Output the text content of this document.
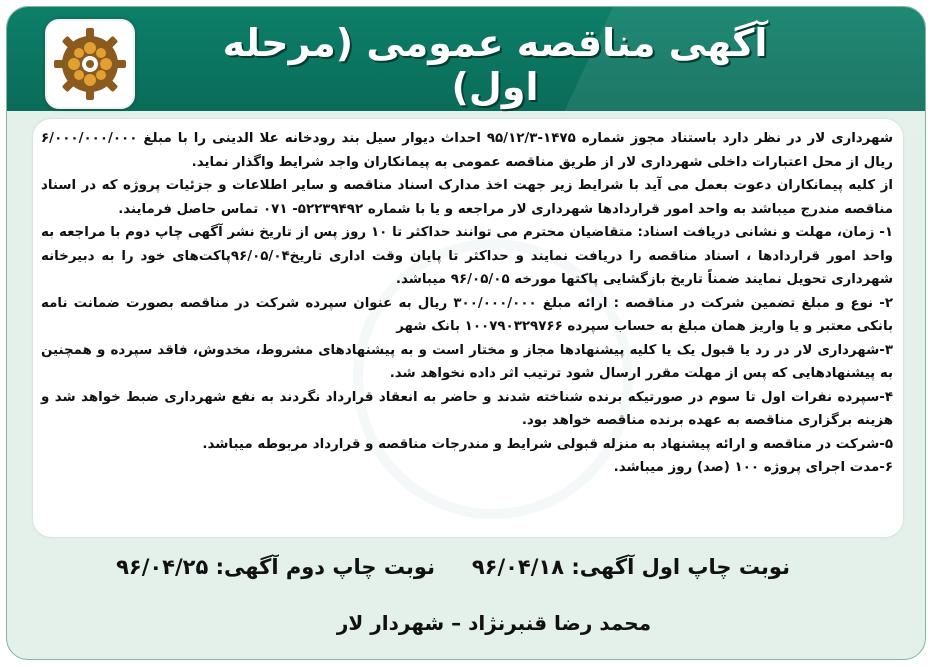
آگهی مناقصه عمومی (مرحله اول)

شهرداری لار در نظر دارد باستناد مجوز شماره ۱۴۷۵-۹۵/۱۲/۳ احداث دیوار سیل بند رودخانه علا الدینی را با مبلغ ۶/۰۰۰/۰۰۰/۰۰۰ ریال از محل اعتبارات داخلی شهرداری لار از طریق مناقصه عمومی به پیمانکاران واجد شرایط واگذار نماید.

از کلیه پیمانکاران دعوت بعمل می آید با شرایط زیر جهت اخذ مدارک اسناد مناقصه و سایر اطلاعات و جزئیات پروژه که در اسناد مناقصه مندرج میباشد به واحد امور قراردادها شهرداری لار مراجعه و یا با شماره ۵۲۲۳۹۴۹۲- ۰۷۱ تماس حاصل فرمایند.

۱- زمان، مهلت و نشانی دریافت اسناد: متقاضیان محترم می توانند حداکثر تا ۱۰ روز پس از تاریخ نشر آگهی چاپ دوم با مراجعه به واحد امور قراردادها ، اسناد مناقصه را دریافت نمایند و حداکثر تا پایان وقت اداری تاریخ۹۶/۰۵/۰۴پاکت‌های خود را به دبیرخانه شهرداری تحویل نمایند ضمناً تاریخ بازگشایی پاکتها مورخه ۹۶/۰۵/۰۵ میباشد.

۲- نوع و مبلغ تضمین شرکت در مناقصه : ارائه مبلغ ۳۰۰/۰۰۰/۰۰۰ ریال به عنوان سپرده شرکت در مناقصه بصورت ضمانت نامه بانکی معتبر و یا واریز همان مبلغ به حساب سپرده ۱۰۰۷۹۰۳۲۹۷۶۶ بانک شهر

۳-شهرداری لار در رد یا قبول یک یا کلیه پیشنهادها مجاز و مختار است و به پیشنهادهای مشروط، مخدوش، فاقد سپرده و همچنین به پیشنهادهایی که پس از مهلت مقرر ارسال شود ترتیب اثر داده نخواهد شد.

۴-سپرده نفرات اول تا سوم در صورتیکه برنده شناخته شدند و حاضر به انعقاد قرارداد نگردند به نفع شهرداری ضبط خواهد شد و هزینه برگزاری مناقصه به عهده برنده مناقصه خواهد بود.

۵-شرکت در مناقصه و ارائه پیشنهاد به منزله قبولی شرایط و مندرجات مناقصه و قرارداد مربوطه میباشد.

۶-مدت اجرای پروژه ۱۰۰ (صد) روز میباشد.

نوبت چاپ اول آگهی: ۹۶/۰۴/۱۸
نوبت چاپ دوم آگهی: ۹۶/۰۴/۲۵
محمد رضا قنبرنژاد – شهردار لار
